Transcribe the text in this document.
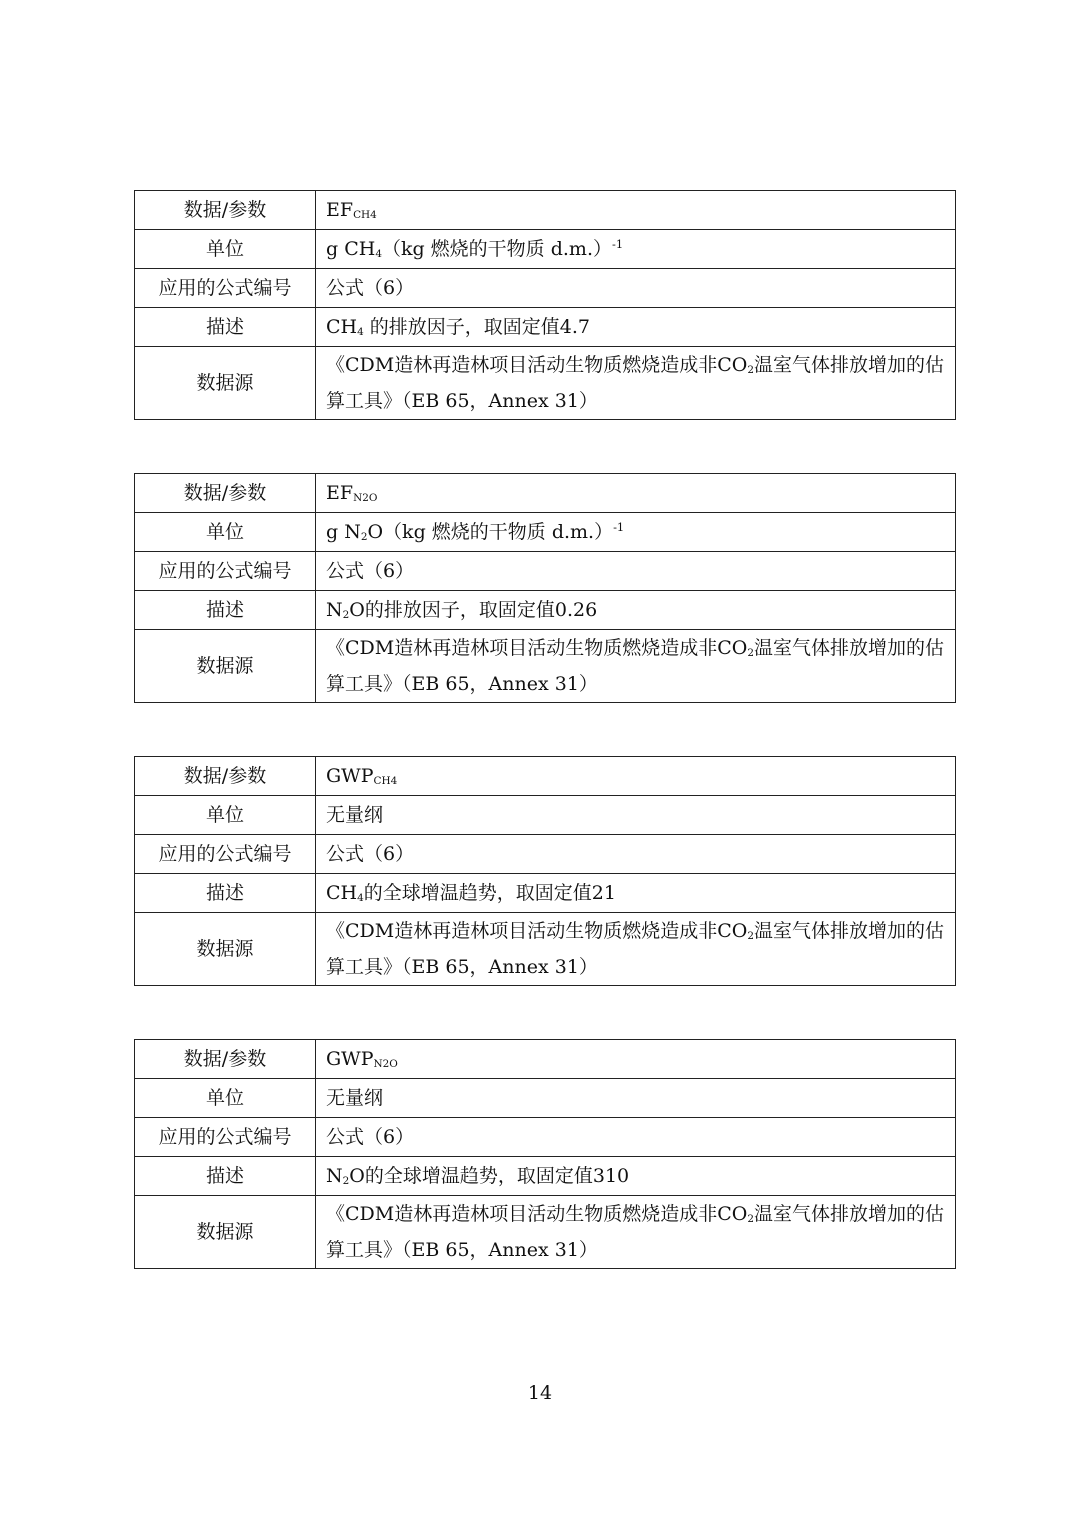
数据/参数	$EF_{CH4}$
单位	g $CH_4(kg$ 燃烧的干物质 d.m.）$^{-1}$
应用的公式编号	公式（6）
描述	$CH_4$ 的排放因子，取固定值4.7
数据源	《CDM造林再造林项目活动生物质燃烧造成非$CO_2$温室气体排放增加的估算工具》（EB 65，Annex 31）
数据/参数	$EF_{N2O}$
单位	g $N_2O(kg$ 燃烧的干物质 d.m.）$^{-1}$
应用的公式编号	公式（6）
描述	$N_2O$的排放因子，取固定值0.26
数据源	《CDM造林再造林项目活动生物质燃烧造成非$CO_2$温室气体排放增加的估算工具》（EB 65，Annex 31）
数据/参数	$GWP_{CH4}$
单位	无量纲
应用的公式编号	公式（6）
描述	$CH_4$的全球增温趋势，取固定值21
数据源	《CDM造林再造林项目活动生物质燃烧造成非$CO_2$温室气体排放增加的估算工具》（EB 65，Annex 31）
数据/参数	$GWP_{N2O}$
单位	无量纲
应用的公式编号	公式（6）
描述	$N_2O$的全球增温趋势，取固定值310
数据源	《CDM造林再造林项目活动生物质燃烧造成非$CO_2$温室气体排放增加的估算工具》（EB 65，Annex 31）
14
